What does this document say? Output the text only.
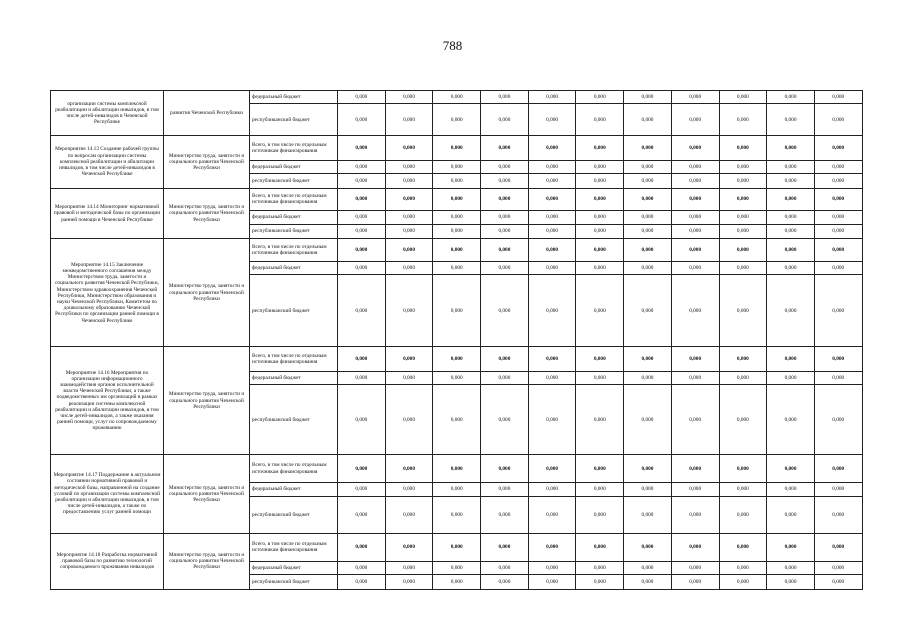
788
организации системы комплексной реабилитации и абилитации инвалидов, в том числе детей-инвалидов в Чеченской Республике	развития Чеченской Республики	федеральный бюджет	0,000	0,000	0,000	0,000	0,000	0,000	0,000	0,000	0,000	0,000	0,000
		республиканский бюджет	0,000	0,000	0,000	0,000	0,000	0,000	0,000	0,000	0,000	0,000	0,000
Мероприятие 14.13 Создание рабочей группы по вопросам организации системы комплексной реабилитации и абилитации инвалидов, в том числе детей-инвалидов в Чеченской Республике	Министерство труда, занятости и социального развития Чеченской Республики	Всего, в том числе по отдельным источникам финансирования	0,000	0,000	0,000	0,000	0,000	0,000	0,000	0,000	0,000	0,000	0,000
		федеральный бюджет	0,000	0,000	0,000	0,000	0,000	0,000	0,000	0,000	0,000	0,000	0,000
		республиканский бюджет	0,000	0,000	0,000	0,000	0,000	0,000	0,000	0,000	0,000	0,000	0,000
Мероприятие 14.14 Мониторинг нормативной правовой и методической базы по организации ранней помощи в Чеченской Республике	Министерство труда, занятости и социального развития Чеченской Республики	Всего, в том числе по отдельным источникам финансирования	0,000	0,000	0,000	0,000	0,000	0,000	0,000	0,000	0,000	0,000	0,000
		федеральный бюджет	0,000	0,000	0,000	0,000	0,000	0,000	0,000	0,000	0,000	0,000	0,000
		республиканский бюджет	0,000	0,000	0,000	0,000	0,000	0,000	0,000	0,000	0,000	0,000	0,000
Мероприятие 14.15 Заключение межведомственного соглашения между Министерством труда, занятости и социального развития Чеченской Республики, Министерством здравоохранения Чеченской Республики, Министерством образования и науки Чеченской Республики, Комитетом по дошкольному образованию Чеченской Республики по организации ранней помощи в Чеченской Республике	Министерство труда, занятости и социального развития Чеченской Республики	Всего, в том числе по отдельным источникам финансирования	0,000	0,000	0,000	0,000	0,000	0,000	0,000	0,000	0,000	0,000	0,000
		федеральный бюджет	0,000	0,000	0,000	0,000	0,000	0,000	0,000	0,000	0,000	0,000	0,000
		республиканский бюджет	0,000	0,000	0,000	0,000	0,000	0,000	0,000	0,000	0,000	0,000	0,000
Мероприятие 14.16 Мероприятия по организации информационного взаимодействия органов исполнительной власти Чеченской Республики, а также подведомственных им организаций в рамках реализации системы комплексной реабилитации и абилитации инвалидов, в том числе детей-инвалидов, а также оказания ранней помощи, услуг по сопровождаемому проживанию	Министерство труда, занятости и социального развития Чеченской Республики	Всего, в том числе по отдельным источникам финансирования	0,000	0,000	0,000	0,000	0,000	0,000	0,000	0,000	0,000	0,000	0,000
		федеральный бюджет	0,000	0,000	0,000	0,000	0,000	0,000	0,000	0,000	0,000	0,000	0,000
		республиканский бюджет	0,000	0,000	0,000	0,000	0,000	0,000	0,000	0,000	0,000	0,000	0,000
Мероприятие 14.17 Поддержание в актуальном состоянии нормативной правовой и методической базы, направленной на создание условий по организации системы комплексной реабилитации и абилитации инвалидов, в том числе детей-инвалидов, а также по предоставлению услуг ранней помощи	Министерство труда, занятости и социального развития Чеченской Республики	Всего, в том числе по отдельным источникам финансирования	0,000	0,000	0,000	0,000	0,000	0,000	0,000	0,000	0,000	0,000	0,000
		федеральный бюджет	0,000	0,000	0,000	0,000	0,000	0,000	0,000	0,000	0,000	0,000	0,000
		республиканский бюджет	0,000	0,000	0,000	0,000	0,000	0,000	0,000	0,000	0,000	0,000	0,000
Мероприятие 14.18 Разработка нормативной правовой базы по развитию технологий сопровождаемого проживания инвалидов	Министерство труда, занятости и социального развития Чеченской Республики	Всего, в том числе по отдельным источникам финансирования	0,000	0,000	0,000	0,000	0,000	0,000	0,000	0,000	0,000	0,000	0,000
		федеральный бюджет	0,000	0,000	0,000	0,000	0,000	0,000	0,000	0,000	0,000	0,000	0,000
		республиканский бюджет	0,000	0,000	0,000	0,000	0,000	0,000	0,000	0,000	0,000	0,000	0,000
